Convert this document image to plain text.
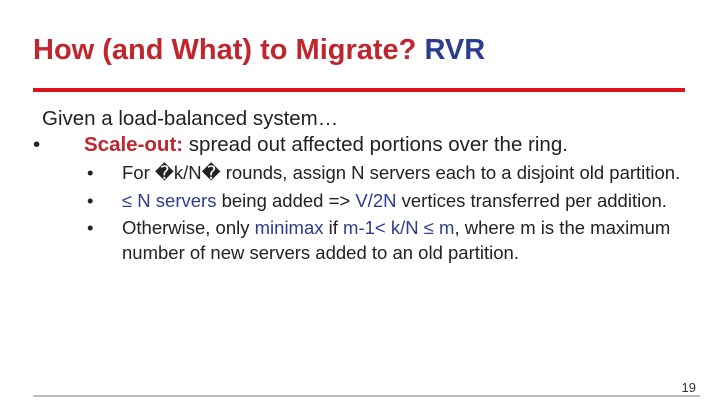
How (and What) to Migrate? RVR
Given a load-balanced system…
• Scale-out: spread out affected portions over the ring.
• For �k/N� rounds, assign N servers each to a disjoint old partition.
• ≤ N servers being added => V/2N vertices transferred per addition.
• Otherwise, only minimax if m-1< k/N ≤ m, where m is the maximum number of new servers added to an old partition.
19
